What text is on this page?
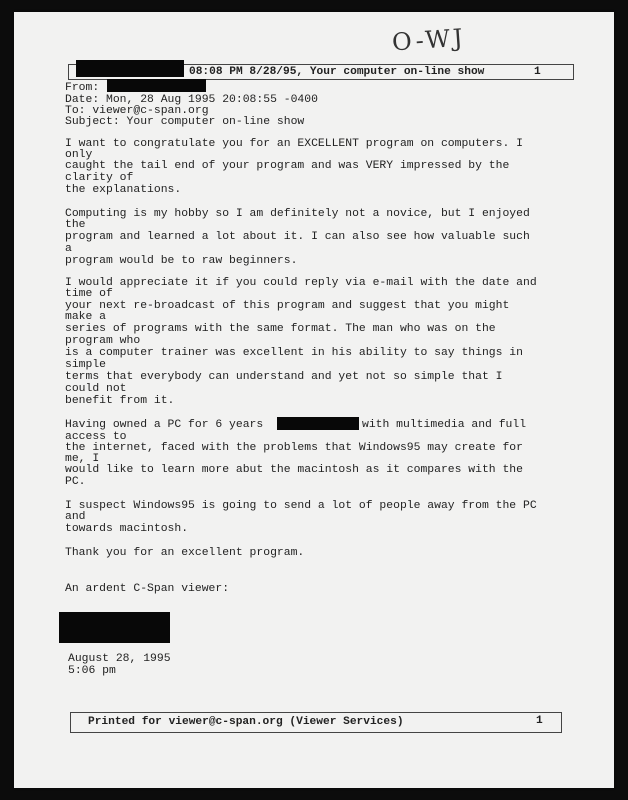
O-WJ
08:08 PM 8/28/95, Your computer on-line show	1
From:
Date: Mon, 28 Aug 1995 20:08:55 -0400
To: viewer@c-span.org
Subject: Your computer on-line show
I want to congratulate you for an EXCELLENT program on computers. I
only
caught the tail end of your program and was VERY impressed by the
clarity of
the explanations.
Computing is my hobby so I am definitely not a novice, but I enjoyed
the
program and learned a lot about it. I can also see how valuable such
a
program would be to raw beginners.
I would appreciate it if you could reply via e-mail with the date and
time of
your next re-broadcast of this program and suggest that you might
make a
series of programs with the same format. The man who was on the
program who
is a computer trainer was excellent in his ability to say things in
simple
terms that everybody can understand and yet not so simple that I
could not
benefit from it.
Having owned a PC for 6 years	with multimedia and full
access to
the internet, faced with the problems that Windows95 may create for
me, I
would like to learn more abut the macintosh as it compares with the
PC.
I suspect Windows95 is going to send a lot of people away from the PC
and
towards macintosh.
Thank you for an excellent program.
An ardent C-Span viewer:
August 28, 1995
5:06 pm
Printed for viewer@c-span.org (Viewer Services)	1
